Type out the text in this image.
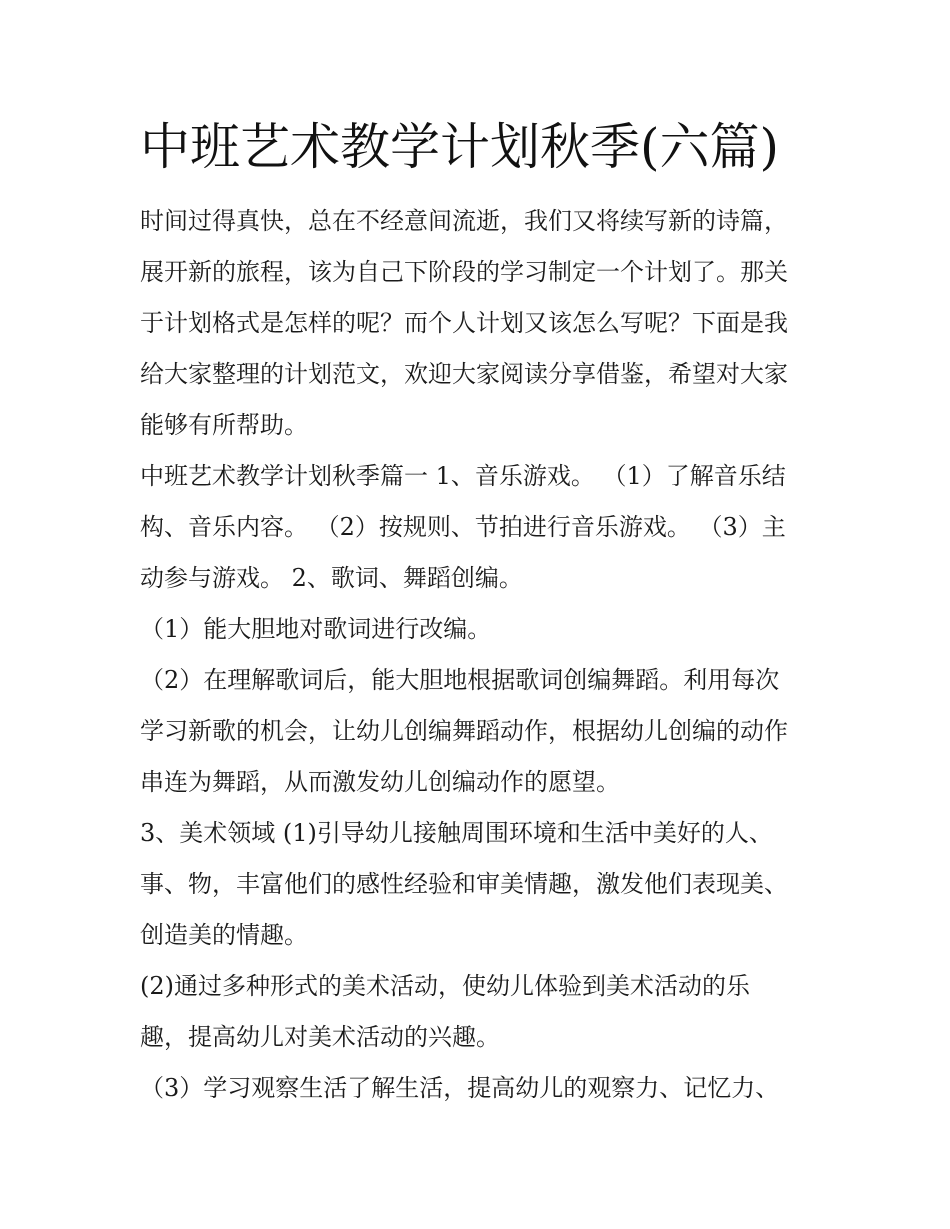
中班艺术教学计划秋季(六篇)

时间过得真快，总在不经意间流逝，我们又将续写新的诗篇，

展开新的旅程，该为自己下阶段的学习制定一个计划了。那关

于计划格式是怎样的呢？而个人计划又该怎么写呢？下面是我

给大家整理的计划范文，欢迎大家阅读分享借鉴，希望对大家

能够有所帮助。

中班艺术教学计划秋季篇一 1、音乐游戏。 （1）了解音乐结

构、音乐内容。 （2）按规则、节拍进行音乐游戏。 （3）主

动参与游戏。 2、歌词、舞蹈创编。

（1）能大胆地对歌词进行改编。

（2）在理解歌词后，能大胆地根据歌词创编舞蹈。利用每次

学习新歌的机会，让幼儿创编舞蹈动作，根据幼儿创编的动作

串连为舞蹈，从而激发幼儿创编动作的愿望。

3、美术领域 (1)引导幼儿接触周围环境和生活中美好的人、

事、物，丰富他们的感性经验和审美情趣，激发他们表现美、

创造美的情趣。

(2)通过多种形式的美术活动，使幼儿体验到美术活动的乐

趣，提高幼儿对美术活动的兴趣。

（3）学习观察生活了解生活，提高幼儿的观察力、记忆力、
